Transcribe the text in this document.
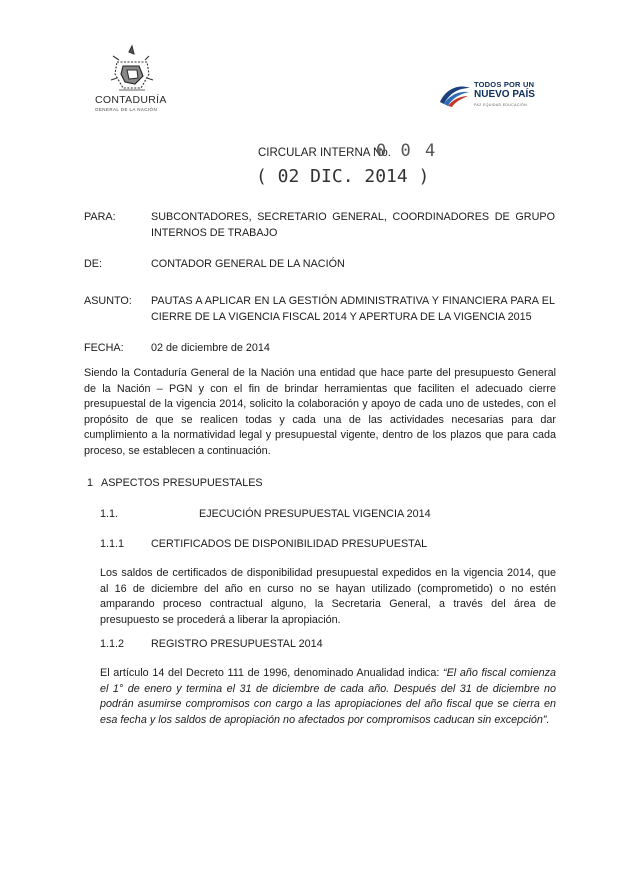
CONTADURÍA
GENERAL DE LA NACIÓN
TODOS POR UN
NUEVO PAÍS
PAZ EQUIDAD EDUCACIÓN
CIRCULAR INTERNA No.
0 0 4
( 02 DIC. 2014 )
PARA:	SUBCONTADORES, SECRETARIO GENERAL, COORDINADORES DE GRUPO INTERNOS DE TRABAJO
DE:	CONTADOR GENERAL DE LA NACIÓN
ASUNTO: PAUTAS A APLICAR EN LA GESTIÓN ADMINISTRATIVA Y FINANCIERA PARA EL CIERRE DE LA VIGENCIA FISCAL 2014 Y APERTURA DE LA VIGENCIA 2015
FECHA:	02 de diciembre de 2014
Siendo la Contaduría General de la Nación una entidad que hace parte del presupuesto General de la Nación – PGN y con el fin de brindar herramientas que faciliten el adecuado cierre presupuestal de la vigencia 2014, solicito la colaboración y apoyo de cada uno de ustedes, con el propósito de que se realicen todas y cada una de las actividades necesarias para dar cumplimiento a la normatividad legal y presupuestal vigente, dentro de los plazos que para cada proceso, se establecen a continuación.
1 ASPECTOS PRESUPUESTALES
1.1.	EJECUCIÓN PRESUPUESTAL VIGENCIA 2014
1.1.1 CERTIFICADOS DE DISPONIBILIDAD PRESUPUESTAL
Los saldos de certificados de disponibilidad presupuestal expedidos en la vigencia 2014, que al 16 de diciembre del año en curso no se hayan utilizado (comprometido) o no estén amparando proceso contractual alguno, la Secretaria General, a través del área de presupuesto se procederá a liberar la apropiación.
1.1.2 REGISTRO PRESUPUESTAL 2014
El artículo 14 del Decreto 111 de 1996, denominado Anualidad indica: “El año fiscal comienza el 1° de enero y termina el 31 de diciembre de cada año. Después del 31 de diciembre no podrán asumirse compromisos con cargo a las apropiaciones del año fiscal que se cierra en esa fecha y los saldos de apropiación no afectados por compromisos caducan sin excepción”.
